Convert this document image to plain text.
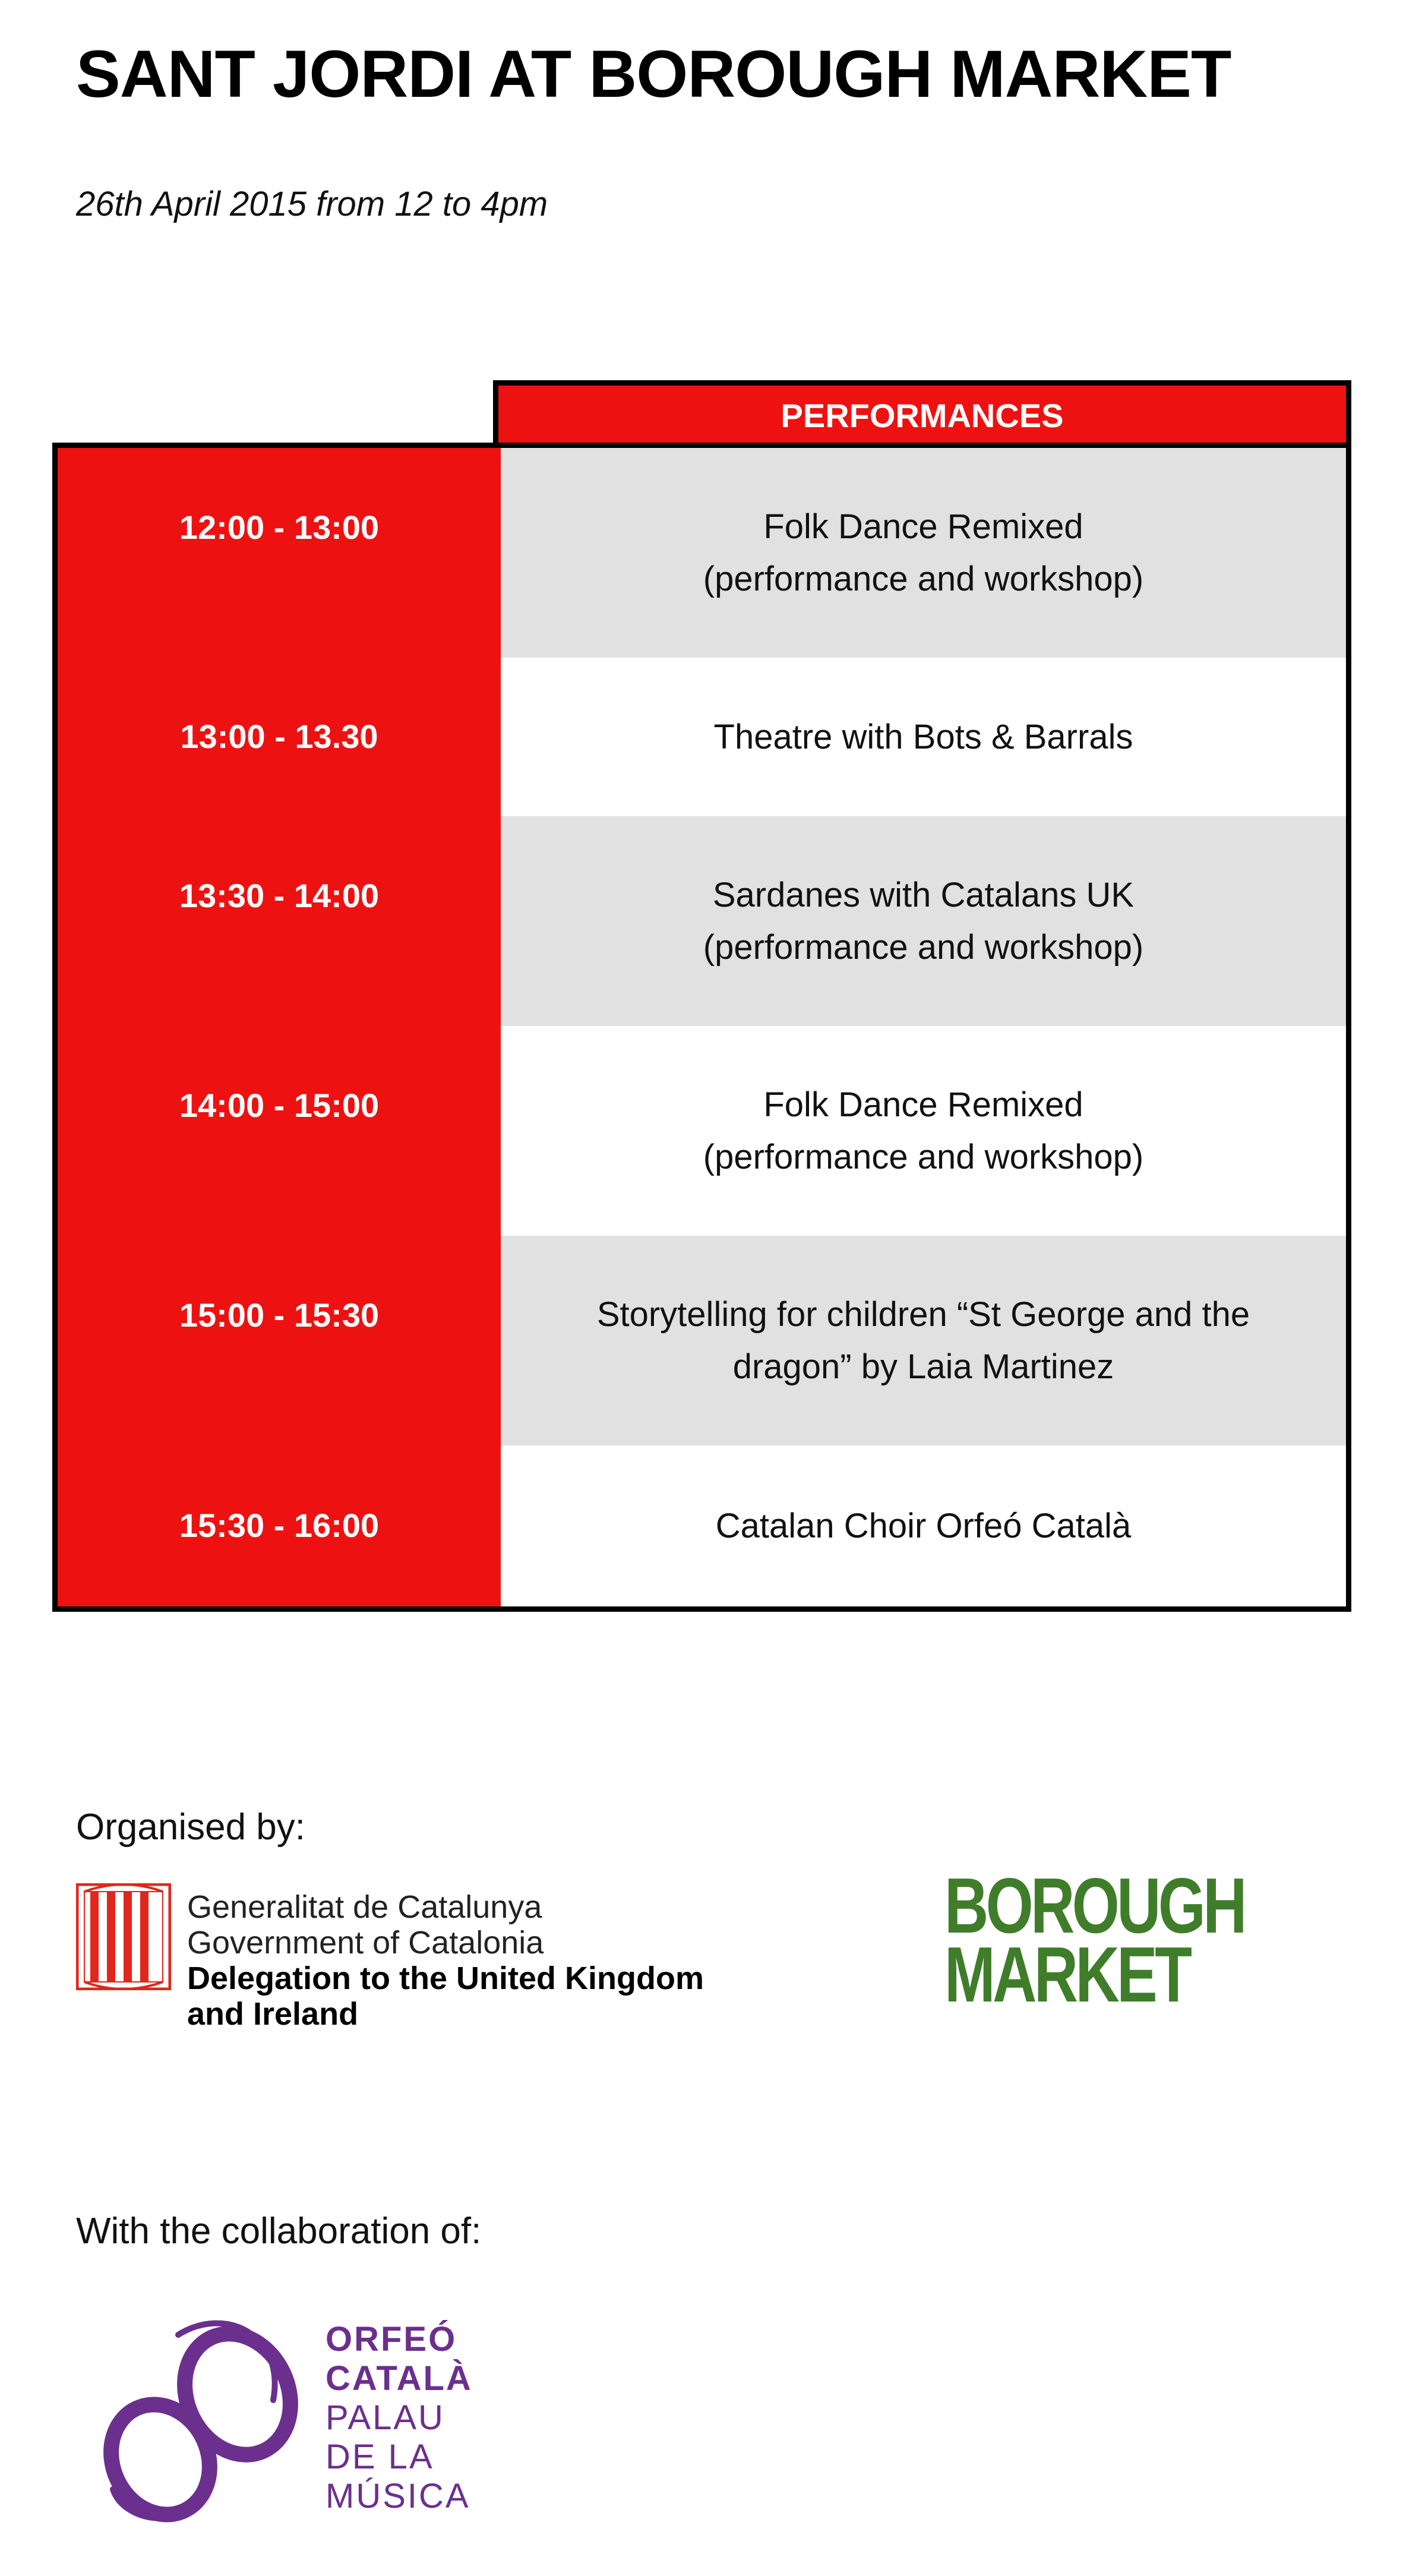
SANT JORDI AT BOROUGH MARKET
26th April 2015 from 12 to 4pm
PERFORMANCES
12:00 - 13:00	Folk Dance Remixed
(performance and workshop)
13:00 - 13.30	Theatre with Bots & Barrals
13:30 - 14:00	Sardanes with Catalans UK
(performance and workshop)
14:00 - 15:00	Folk Dance Remixed
(performance and workshop)
15:00 - 15:30	Storytelling for children “St George and the
dragon” by Laia Martinez
15:30 - 16:00	Catalan Choir Orfeó Català
Organised by:
Generalitat de Catalunya
Government of Catalonia
Delegation to the United Kingdom
and Ireland
BOROUGH
MARKET
With the collaboration of:
ORFEÓ
CATALÀ
PALAU
DE LA
MÚSICA
